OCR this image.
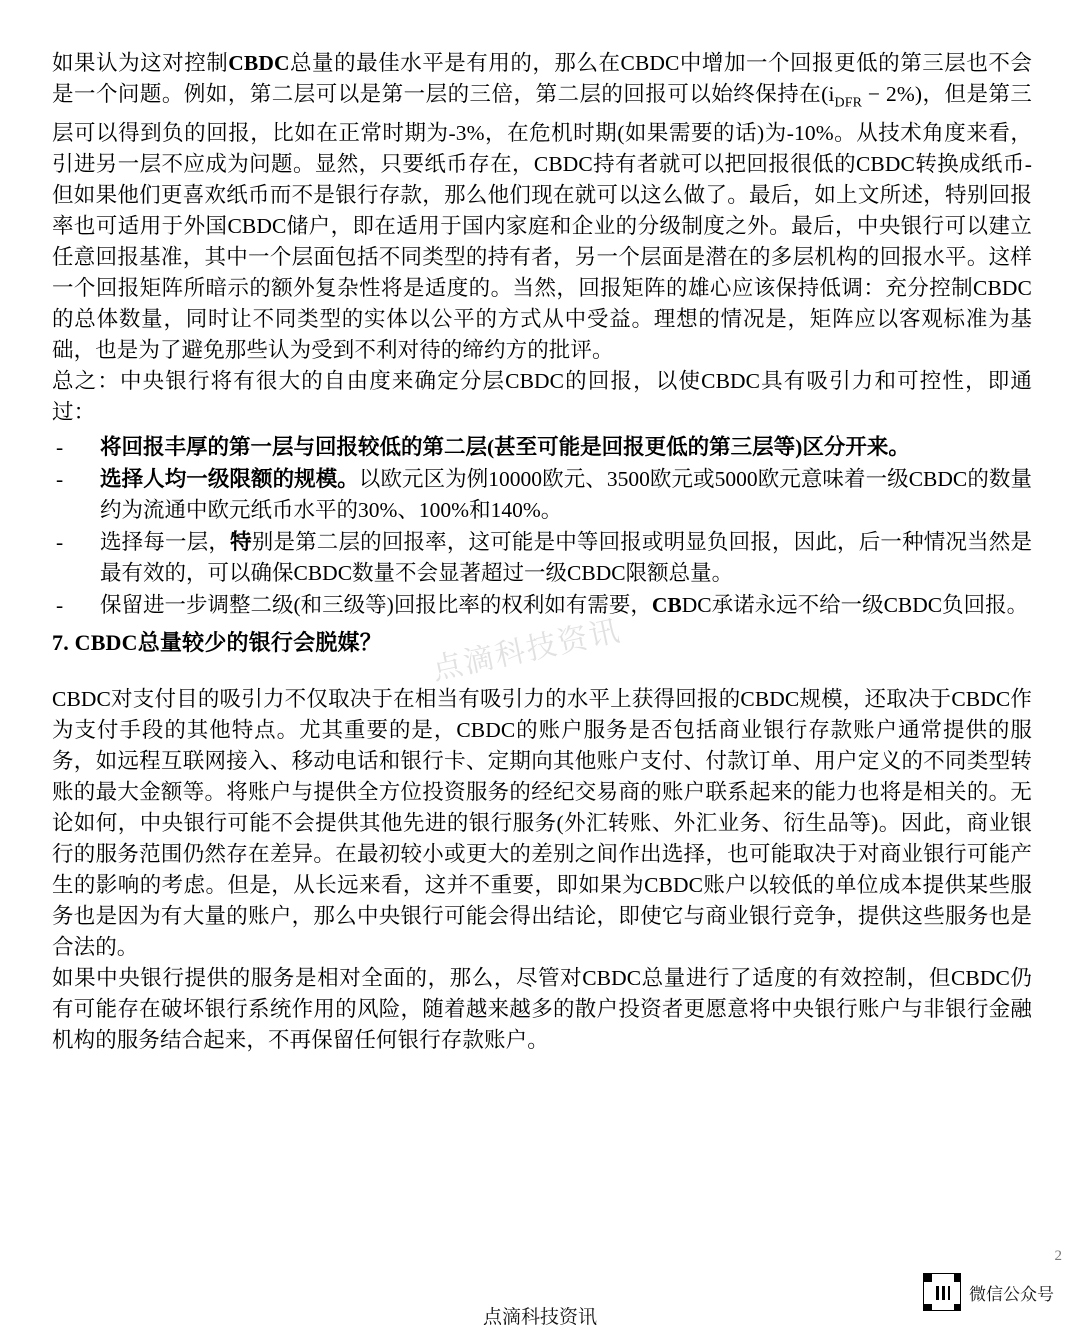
如果认为这对控制CBDC总量的最佳水平是有用的，那么在CBDC中增加一个回报更低的第三层也不会是一个问题。例如，第二层可以是第一层的三倍，第二层的回报可以始终保持在$(i_{DFR} - 2\%)$，但是第三层可以得到负的回报，比如在正常时期为-3%，在危机时期(如果需要的话)为-10%。从技术角度来看，引进另一层不应成为问题。显然，只要纸币存在，CBDC持有者就可以把回报很低的CBDC转换成纸币-但如果他们更喜欢纸币而不是银行存款，那么他们现在就可以这么做了。最后，如上文所述，特别回报率也可适用于外国CBDC储户，即在适用于国内家庭和企业的分级制度之外。最后，中央银行可以建立任意回报基准，其中一个层面包括不同类型的持有者，另一个层面是潜在的多层机构的回报水平。这样一个回报矩阵所暗示的额外复杂性将是适度的。当然，回报矩阵的雄心应该保持低调：充分控制CBDC的总体数量，同时让不同类型的实体以公平的方式从中受益。理想的情况是，矩阵应以客观标准为基础，也是为了避免那些认为受到不利对待的缔约方的批评。

总之：中央银行将有很大的自由度来确定分层CBDC的回报，以使CBDC具有吸引力和可控性，即通过：

- 将回报丰厚的第一层与回报较低的第二层(甚至可能是回报更低的第三层等)区分开来。
- 选择人均一级限额的规模。以欧元区为例10000欧元、3500欧元或5000欧元意味着一级CBDC的数量约为流通中欧元纸币水平的30%、100%和140%。
- 选择每一层，特别是第二层的回报率，这可能是中等回报或明显负回报，因此，后一种情况当然是最有效的，可以确保CBDC数量不会显著超过一级CBDC限额总量。
- 保留进一步调整二级(和三级等)回报比率的权利如有需要，CBDC承诺永远不给一级CBDC负回报。
7. CBDC总量较少的银行会脱媒？

CBDC对支付目的吸引力不仅取决于在相当有吸引力的水平上获得回报的CBDC规模，还取决于CBDC作为支付手段的其他特点。尤其重要的是，CBDC的账户服务是否包括商业银行存款账户通常提供的服务，如远程互联网接入、移动电话和银行卡、定期向其他账户支付、付款订单、用户定义的不同类型转账的最大金额等。将账户与提供全方位投资服务的经纪交易商的账户联系起来的能力也将是相关的。无论如何，中央银行可能不会提供其他先进的银行服务(外汇转账、外汇业务、衍生品等)。因此，商业银行的服务范围仍然存在差异。在最初较小或更大的差别之间作出选择，也可能取决于对商业银行可能产生的影响的考虑。但是，从长远来看，这并不重要，即如果为CBDC账户以较低的单位成本提供某些服务也是因为有大量的账户，那么中央银行可能会得出结论，即使它与商业银行竞争，提供这些服务也是合法的。

如果中央银行提供的服务是相对全面的，那么，尽管对CBDC总量进行了适度的有效控制，但CBDC仍有可能存在破坏银行系统作用的风险，随着越来越多的散户投资者更愿意将中央银行账户与非银行金融机构的服务结合起来，不再保留任何银行存款账户。

点滴科技资讯
2
点滴科技资讯
微信公众号
